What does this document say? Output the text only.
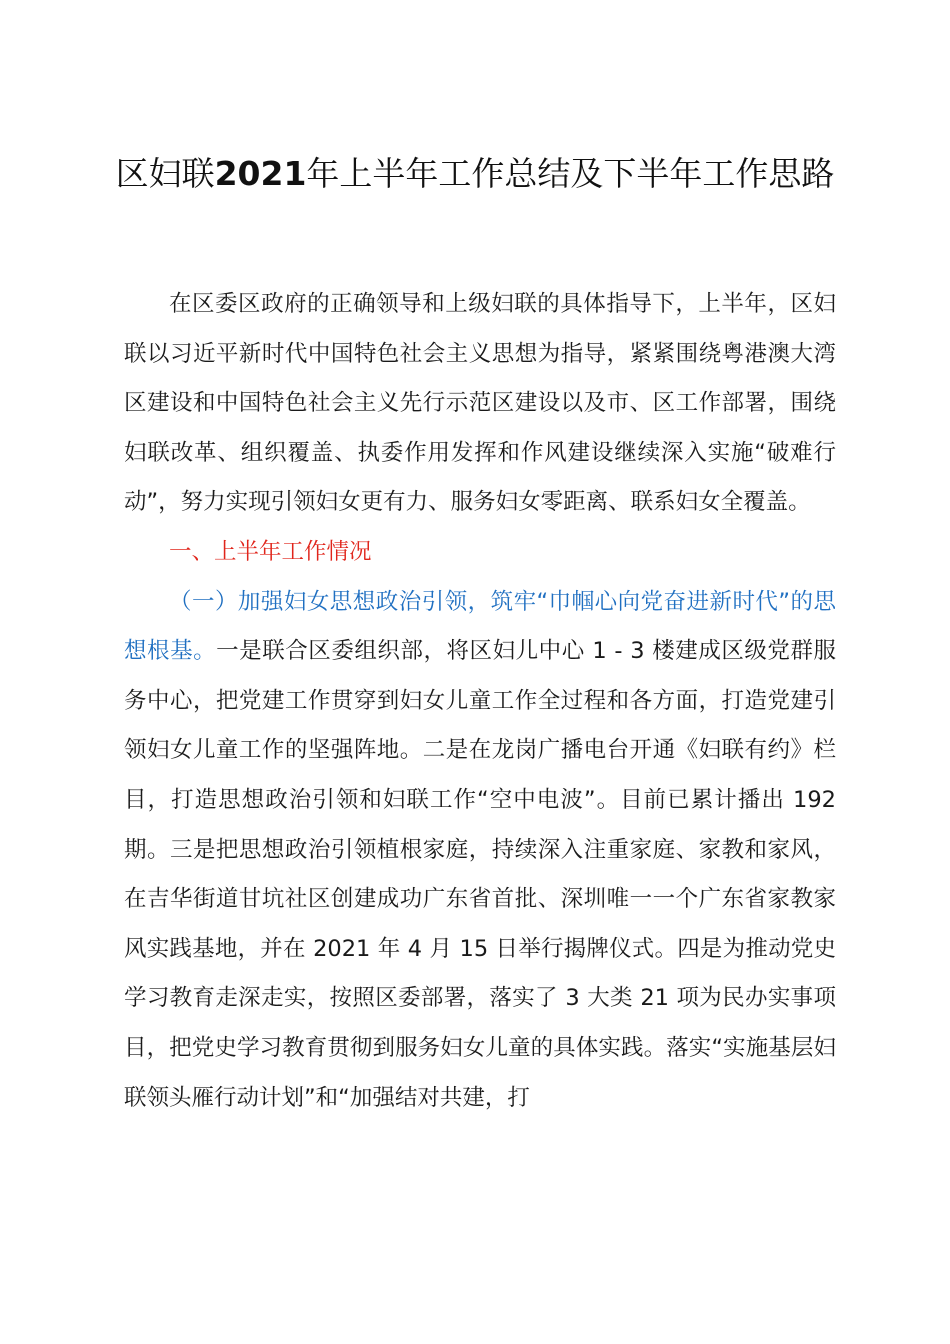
区妇联2021年上半年工作总结及下半年工作思路

在区委区政府的正确领导和上级妇联的具体指导下，上半年，区妇联以习近平新时代中国特色社会主义思想为指导，紧紧围绕粤港澳大湾区建设和中国特色社会主义先行示范区建设以及市、区工作部署，围绕妇联改革、组织覆盖、执委作用发挥和作风建设继续深入实施“破难行动”，努力实现引领妇女更有力、服务妇女零距离、联系妇女全覆盖。

一、上半年工作情况

（一）加强妇女思想政治引领，筑牢“巾帼心向党奋进新时代”的思想根基。一是联合区委组织部，将区妇儿中心 1 - 3 楼建成区级党群服务中心，把党建工作贯穿到妇女儿童工作全过程和各方面，打造党建引领妇女儿童工作的坚强阵地。二是在龙岗广播电台开通《妇联有约》栏目，打造思想政治引领和妇联工作“空中电波”。目前已累计播出 192 期。三是把思想政治引领植根家庭，持续深入注重家庭、家教和家风，在吉华街道甘坑社区创建成功广东省首批、深圳唯一一个广东省家教家风实践基地，并在 2021 年 4 月 15 日举行揭牌仪式。四是为推动党史学习教育走深走实，按照区委部署，落实了 3 大类 21 项为民办实事项目，把党史学习教育贯彻到服务妇女儿童的具体实践。落实“实施基层妇联领头雁行动计划”和“加强结对共建，打
